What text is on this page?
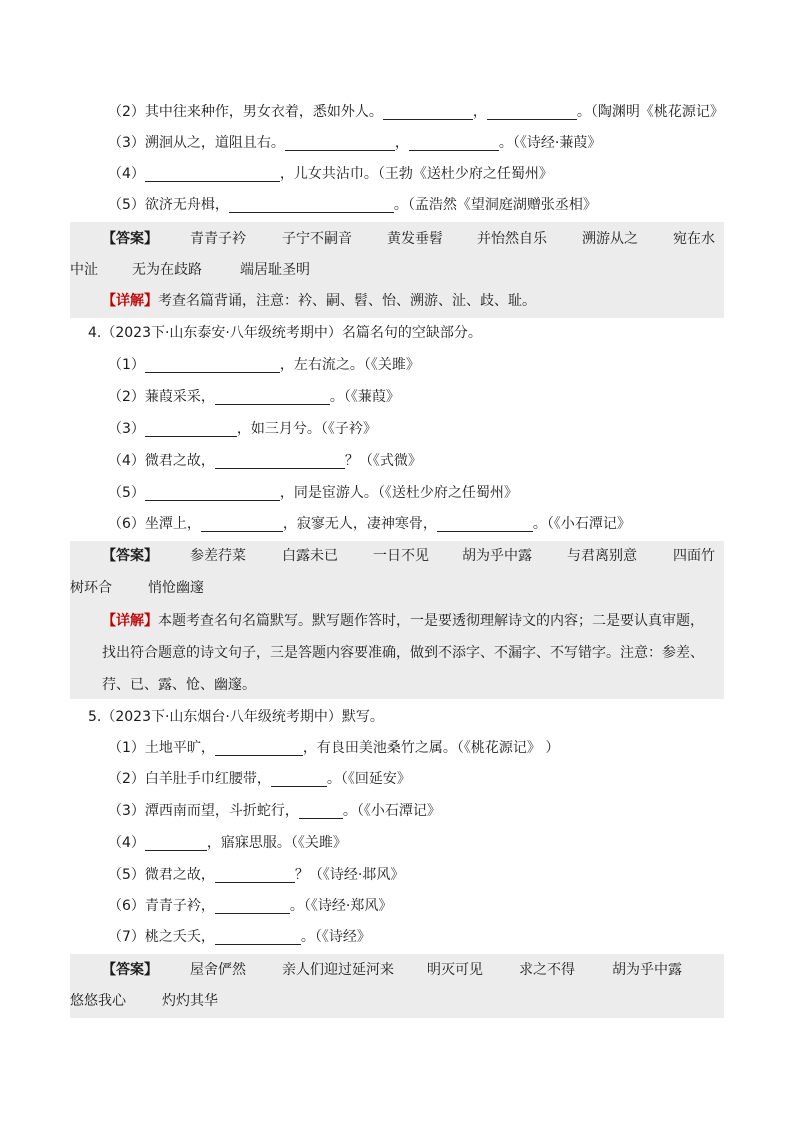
（2）其中往来种作，男女衣着，悉如外人。	，	。（陶渊明《桃花源记》
（3）溯洄从之，道阻且右。	，	。（《诗经·蒹葭》
（4）	，儿女共沾巾。（王勃《送杜少府之任蜀州》
（5）欲济无舟楫，	。（孟浩然《望洞庭湖赠张丞相》
【答案】 青青子衿	子宁不嗣音	黄发垂髫 并怡然自乐	溯游从之	宛在水
中沚 无为在歧路	端居耻圣明
【详解】考查名篇背诵，注意：衿、嗣、髫、怡、溯游、沚、歧、耻。
4.（2023下·山东泰安·八年级统考期中）名篇名句的空缺部分。
（1）	，左右流之。（《关雎》
（2）蒹葭采采，	。（《蒹葭》
（3）	，如三月兮。（《子衿》
（4）微君之故，	？（《式微》
（5）	，同是宦游人。（《送杜少府之任蜀州》
（6）坐潭上，	，寂寥无人，凄神寒骨，	。（《小石潭记》
【答案】 参差荇菜	白露未已	一日不见 胡为乎中露	与君离别意	四面竹
树环合	悄怆幽邃
【详解】本题考查名句名篇默写。默写题作答时，一是要透彻理解诗文的内容；二是要认真审题，找出符合题意的诗文句子，三是答题内容要准确，做到不添字、不漏字、不写错字。注意：参差、荇、已、露、怆、幽邃。
5.（2023下·山东烟台·八年级统考期中）默写。
（1）土地平旷，	，有良田美池桑竹之属。（《桃花源记》 ）
（2）白羊肚手巾红腰带，	。（《回延安》
（3）潭西南而望，斗折蛇行，	。（《小石潭记》
（4）	，寤寐思服。（《关雎》
（5）微君之故，	？（《诗经·邶风》
（6）青青子衿，	。（《诗经·郑风》
（7）桃之夭夭，	。（《诗经》
【答案】 屋舍俨然	亲人们迎过延河来 明灭可见	求之不得	胡为乎中露
悠悠我心	灼灼其华
